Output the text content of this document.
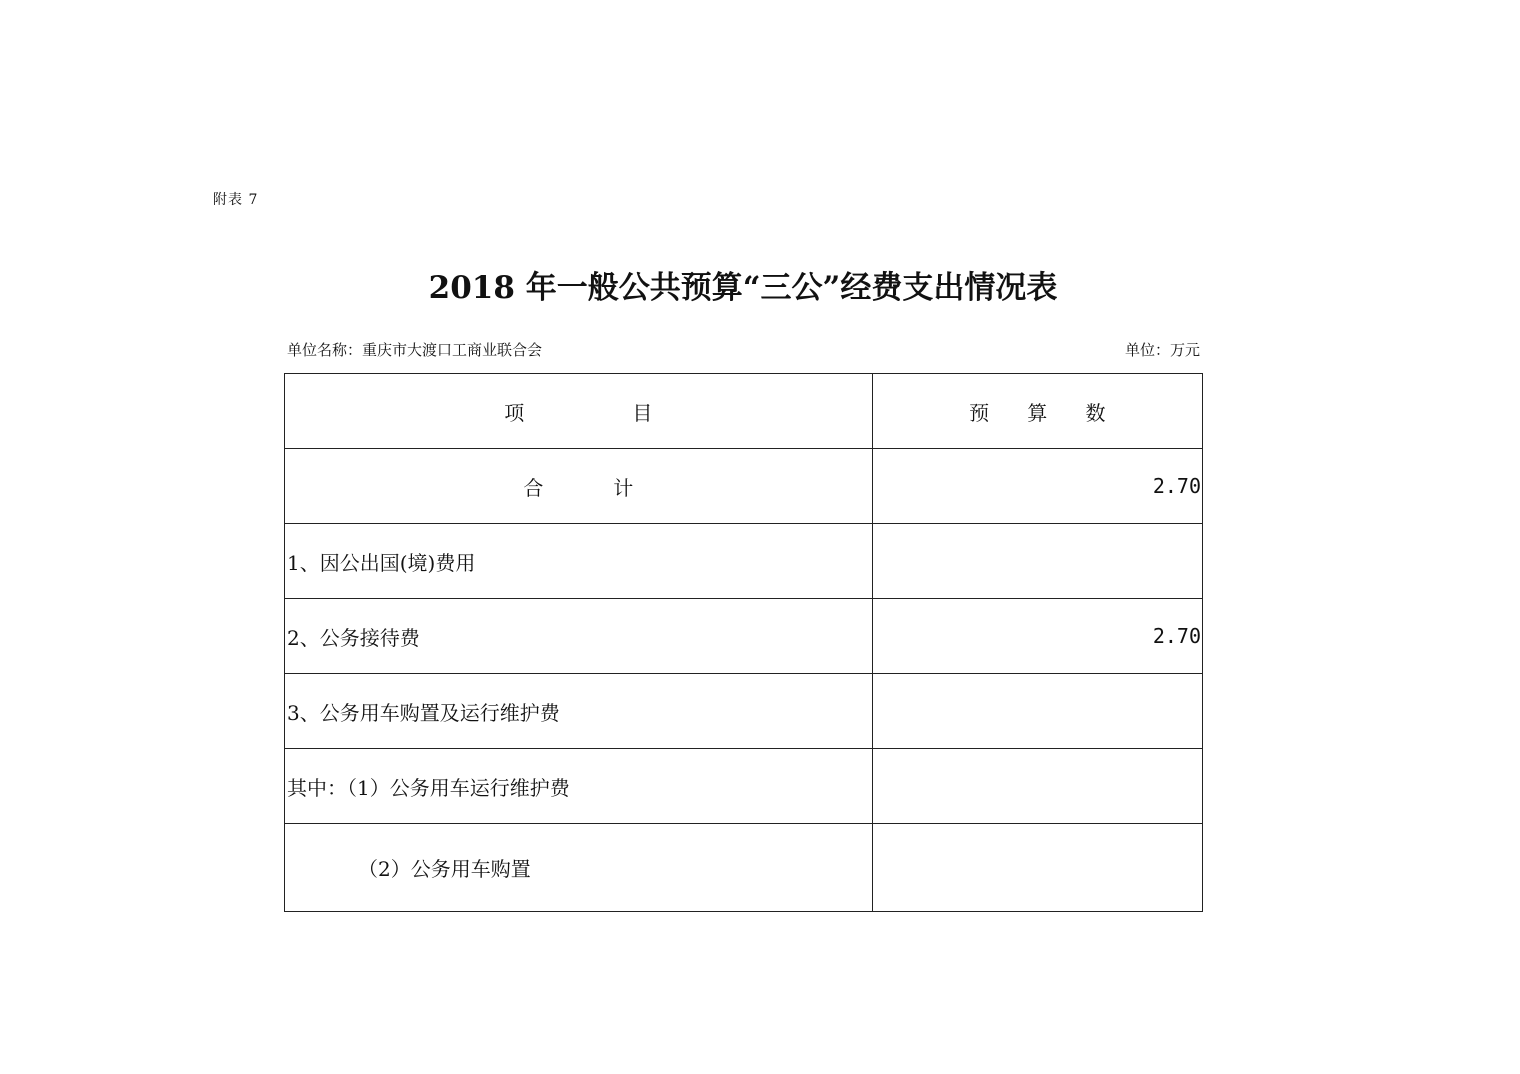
附表 7
2018 年一般公共预算“三公”经费支出情况表
单位名称：重庆市大渡口工商业联合会	单位：万元
项                 目	预      算      数
合           计	2.70
1、因公出国(境)费用	
2、公务接待费	2.70
3、公务用车购置及运行维护费	
其中：（1）公务用车运行维护费	
（2）公务用车购置	
